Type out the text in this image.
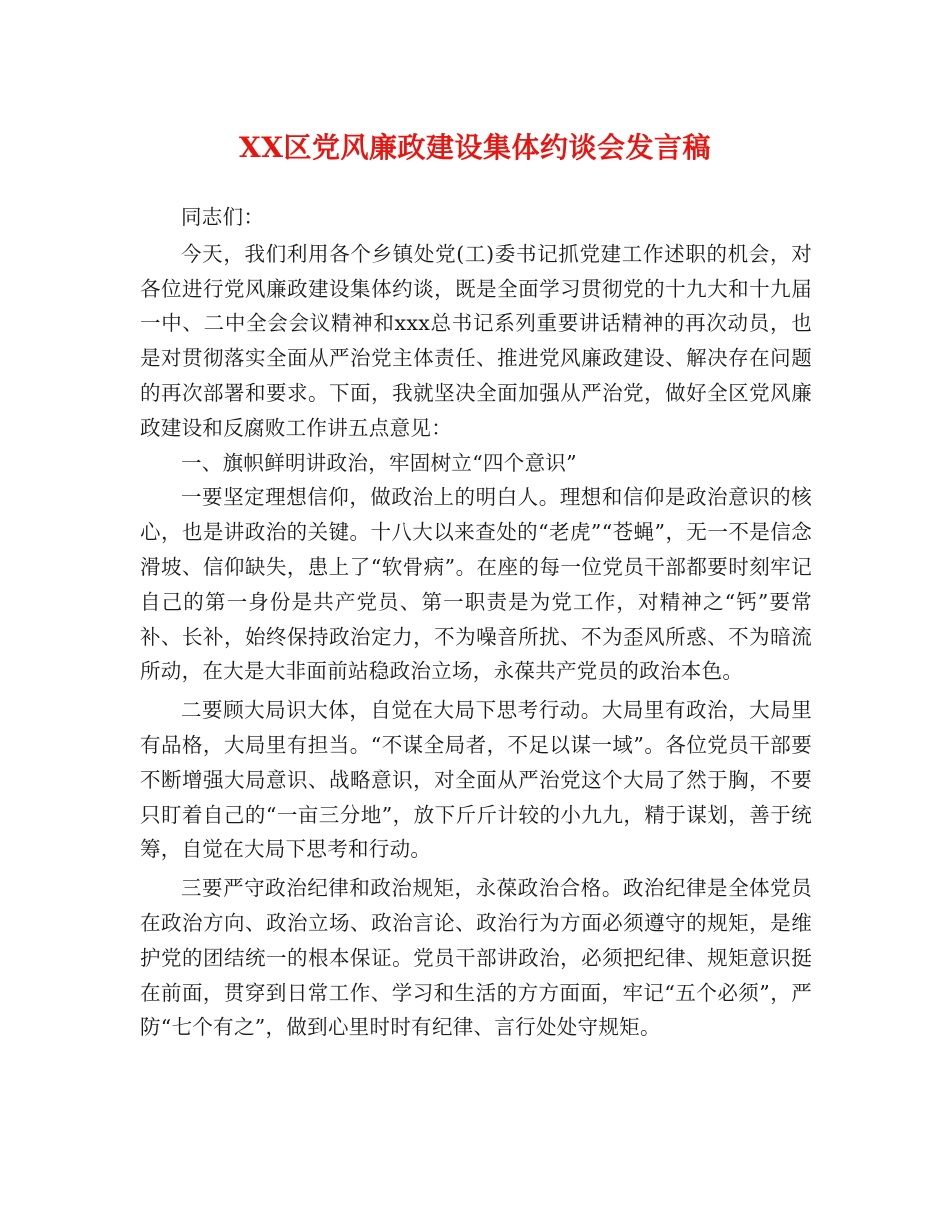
XX区党风廉政建设集体约谈会发言稿

同志们：

今天，我们利用各个乡镇处党(工)委书记抓党建工作述职的机会，对各位进行党风廉政建设集体约谈，既是全面学习贯彻党的十九大和十九届一中、二中全会会议精神和xxx总书记系列重要讲话精神的再次动员，也是对贯彻落实全面从严治党主体责任、推进党风廉政建设、解决存在问题的再次部署和要求。下面，我就坚决全面加强从严治党，做好全区党风廉政建设和反腐败工作讲五点意见：

一、旗帜鲜明讲政治，牢固树立“四个意识”

一要坚定理想信仰，做政治上的明白人。理想和信仰是政治意识的核心，也是讲政治的关键。十八大以来查处的“老虎”“苍蝇”，无一不是信念滑坡、信仰缺失，患上了“软骨病”。在座的每一位党员干部都要时刻牢记自己的第一身份是共产党员、第一职责是为党工作，对精神之“钙”要常补、长补，始终保持政治定力，不为噪音所扰、不为歪风所惑、不为暗流所动，在大是大非面前站稳政治立场，永葆共产党员的政治本色。

二要顾大局识大体，自觉在大局下思考行动。大局里有政治，大局里有品格，大局里有担当。“不谋全局者，不足以谋一域”。各位党员干部要不断增强大局意识、战略意识，对全面从严治党这个大局了然于胸，不要只盯着自己的“一亩三分地”，放下斤斤计较的小九九，精于谋划，善于统筹，自觉在大局下思考和行动。

三要严守政治纪律和政治规矩，永葆政治合格。政治纪律是全体党员在政治方向、政治立场、政治言论、政治行为方面必须遵守的规矩，是维护党的团结统一的根本保证。党员干部讲政治，必须把纪律、规矩意识挺在前面，贯穿到日常工作、学习和生活的方方面面，牢记“五个必须”，严防“七个有之”，做到心里时时有纪律、言行处处守规矩。
